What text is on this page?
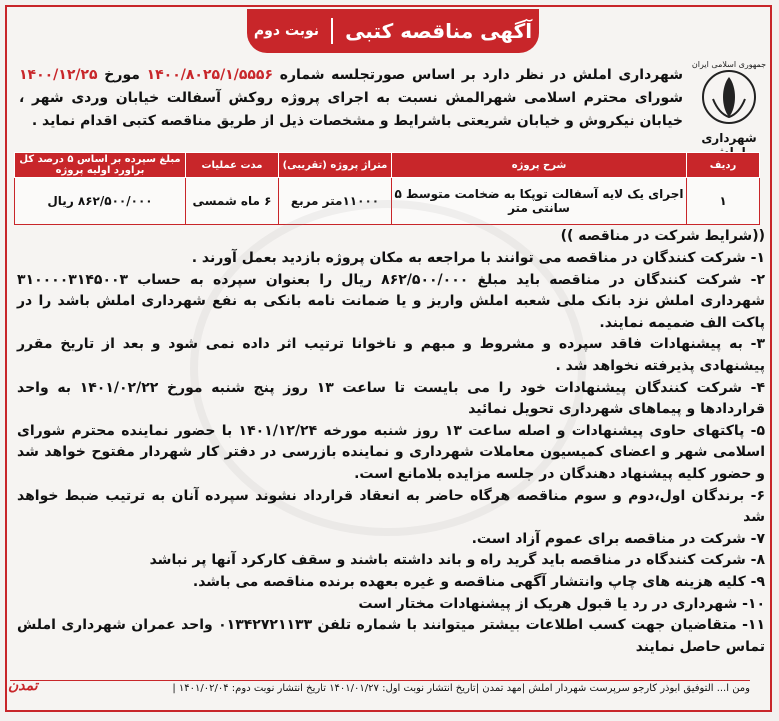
آگهی مناقصه کتبی
نوبت دوم
جمهوری اسلامی ایران
شهرداری
شهرداری املش در نظر دارد بر اساس صورتجلسه شماره ۱۴۰۰/۸۰۲۵/۱/۵۵۵۶ مورخ ۱۴۰۰/۱۲/۲۵ شورای محترم اسلامی شهرالمش نسبت به اجرای پروژه روکش آسفالت خیابان وردی شهر ، خیابان نیکروش و خیابان شریعتی باشرایط و مشخصات ذیل از طریق مناقصه کتبی اقدام نماید .
ردیف	شرح پروژه	متراژ پروژه (تقریبی)	مدت عملیات	مبلغ سپرده بر اساس ۵ درصد کل براورد اولیه پروژه
۱	اجرای یک لایه آسفالت توپکا به ضخامت متوسط ۵ سانتی متر	۱۱۰۰۰متر مربع	۶ ماه شمسی	۸۶۲/۵۰۰/۰۰۰ ریال
((شرایط شرکت در مناقصه ))

۱- شرکت کنندگان در مناقصه می توانند با مراجعه به مکان پروژه بازدید بعمل آورند .

۲- شرکت کنندگان در مناقصه باید مبلغ ۸۶۲/۵۰۰/۰۰۰ ریال را بعنوان سپرده به حساب ۳۱۰۰۰۰۳۱۴۵۰۰۳ شهرداری املش نزد بانک ملی شعبه املش واریز و یا ضمانت نامه بانکی به نفع شهرداری املش باشد را در پاکت الف ضمیمه نمایند.

۳- به پیشنهادات فاقد سپرده و مشروط و مبهم و ناخوانا ترتیب اثر داده نمی شود و بعد از تاریخ مقرر پیشنهادی پذیرفته نخواهد شد .

۴- شرکت کنندگان پیشنهادات خود را می بایست تا ساعت ۱۳ روز پنج شنبه مورخ ۱۴۰۱/۰۲/۲۲ به واحد قراردادها و پیماهای شهرداری تحویل نمائید

۵- پاکتهای حاوی پیشنهادات و اصله ساعت ۱۳ روز شنبه مورخه ۱۴۰۱/۱۲/۲۴ با حضور نماینده محترم شورای اسلامی شهر و اعضای کمیسیون معاملات شهرداری و نماینده بازرسی در دفتر کار شهردار مفتوح خواهد شد و حضور کلیه پیشنهاد دهندگان در جلسه مزایده بلامانع است.

۶- برندگان اول،دوم و سوم مناقصه هرگاه حاضر به انعقاد قرارداد نشوند سپرده آنان به ترتیب ضبط خواهد شد

۷- شرکت در مناقصه برای عموم آزاد است.

۸- شرکت کنندگاه در مناقصه باید گرید راه و باند داشته باشند و سقف کارکرد آنها پر نباشد

۹- کلیه هزینه های چاپ وانتشار آگهی مناقصه و غیره بعهده برنده مناقصه می باشد.

۱۰- شهرداری در رد یا قبول هریک از پیشنهادات مختار است

۱۱- متقاضیان جهت کسب اطلاعات بیشتر میتوانند با شماره تلفن ۰۱۳۴۲۷۲۱۱۳۳ واحد عمران شهرداری املش تماس حاصل نمایند

ومن ا... التوفیق ابوذر کارجو سرپرست شهردار املش |مهد تمدن |تاریخ انتشار نوبت اول: ۱۴۰۱/۰۱/۲۷ تاریخ انتشار نوبت دوم: ۱۴۰۱/۰۲/۰۴ |
تمدن
